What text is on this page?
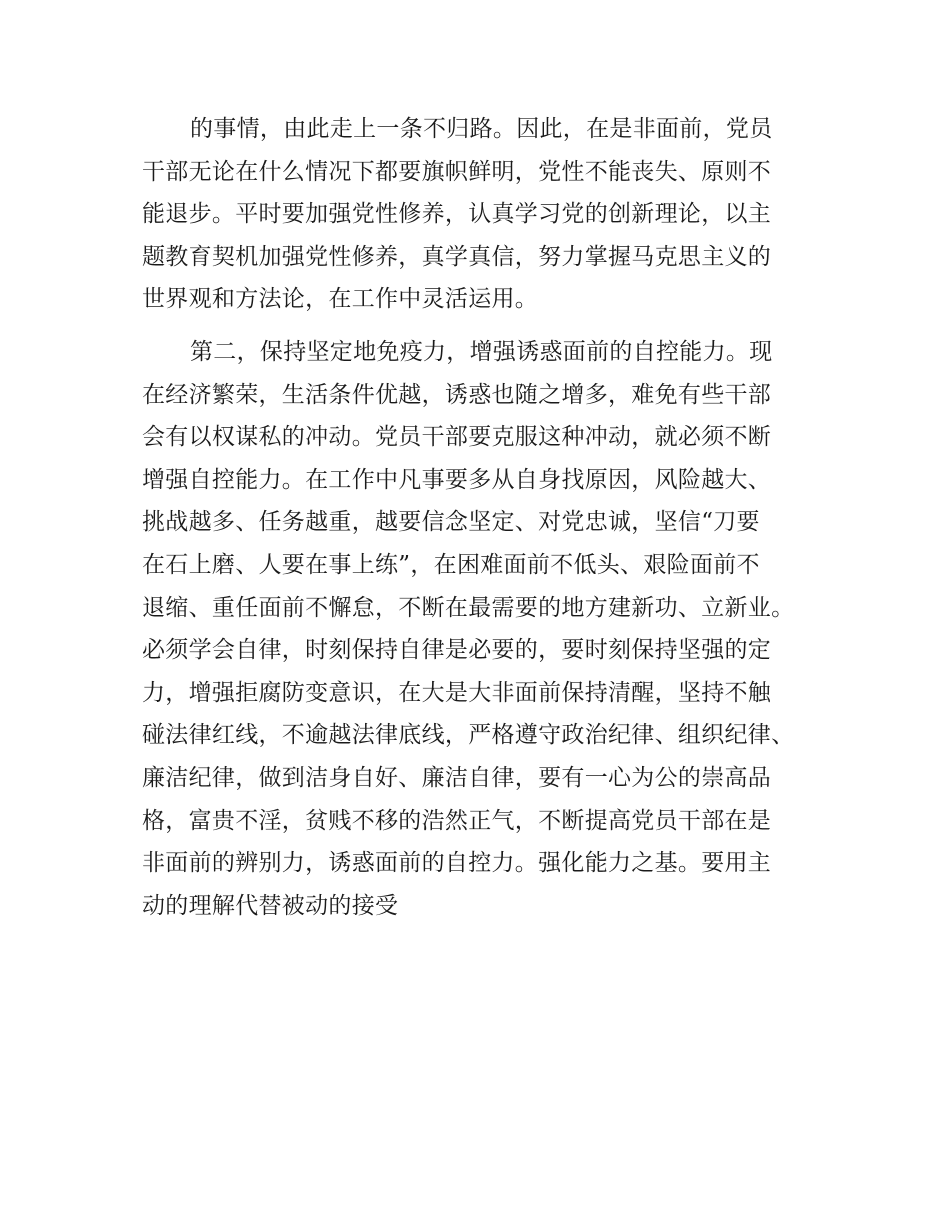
的事情，由此走上一条不归路。因此，在是非面前，党员
干部无论在什么情况下都要旗帜鲜明，党性不能丧失、原则不
能退步。平时要加强党性修养，认真学习党的创新理论，以主
题教育契机加强党性修养，真学真信，努力掌握马克思主义的
世界观和方法论，在工作中灵活运用。
第二，保持坚定地免疫力，增强诱惑面前的自控能力。现
在经济繁荣，生活条件优越，诱惑也随之增多，难免有些干部
会有以权谋私的冲动。党员干部要克服这种冲动，就必须不断
增强自控能力。在工作中凡事要多从自身找原因，风险越大、
挑战越多、任务越重，越要信念坚定、对党忠诚，坚信“刀要
在石上磨、人要在事上练”，在困难面前不低头、艰险面前不
退缩、重任面前不懈怠，不断在最需要的地方建新功、立新业。
必须学会自律，时刻保持自律是必要的，要时刻保持坚强的定
力，增强拒腐防变意识，在大是大非面前保持清醒，坚持不触
碰法律红线，不逾越法律底线，严格遵守政治纪律、组织纪律、
廉洁纪律，做到洁身自好、廉洁自律，要有一心为公的崇高品
格，富贵不淫，贫贱不移的浩然正气，不断提高党员干部在是
非面前的辨别力，诱惑面前的自控力。强化能力之基。要用主
动的理解代替被动的接受
